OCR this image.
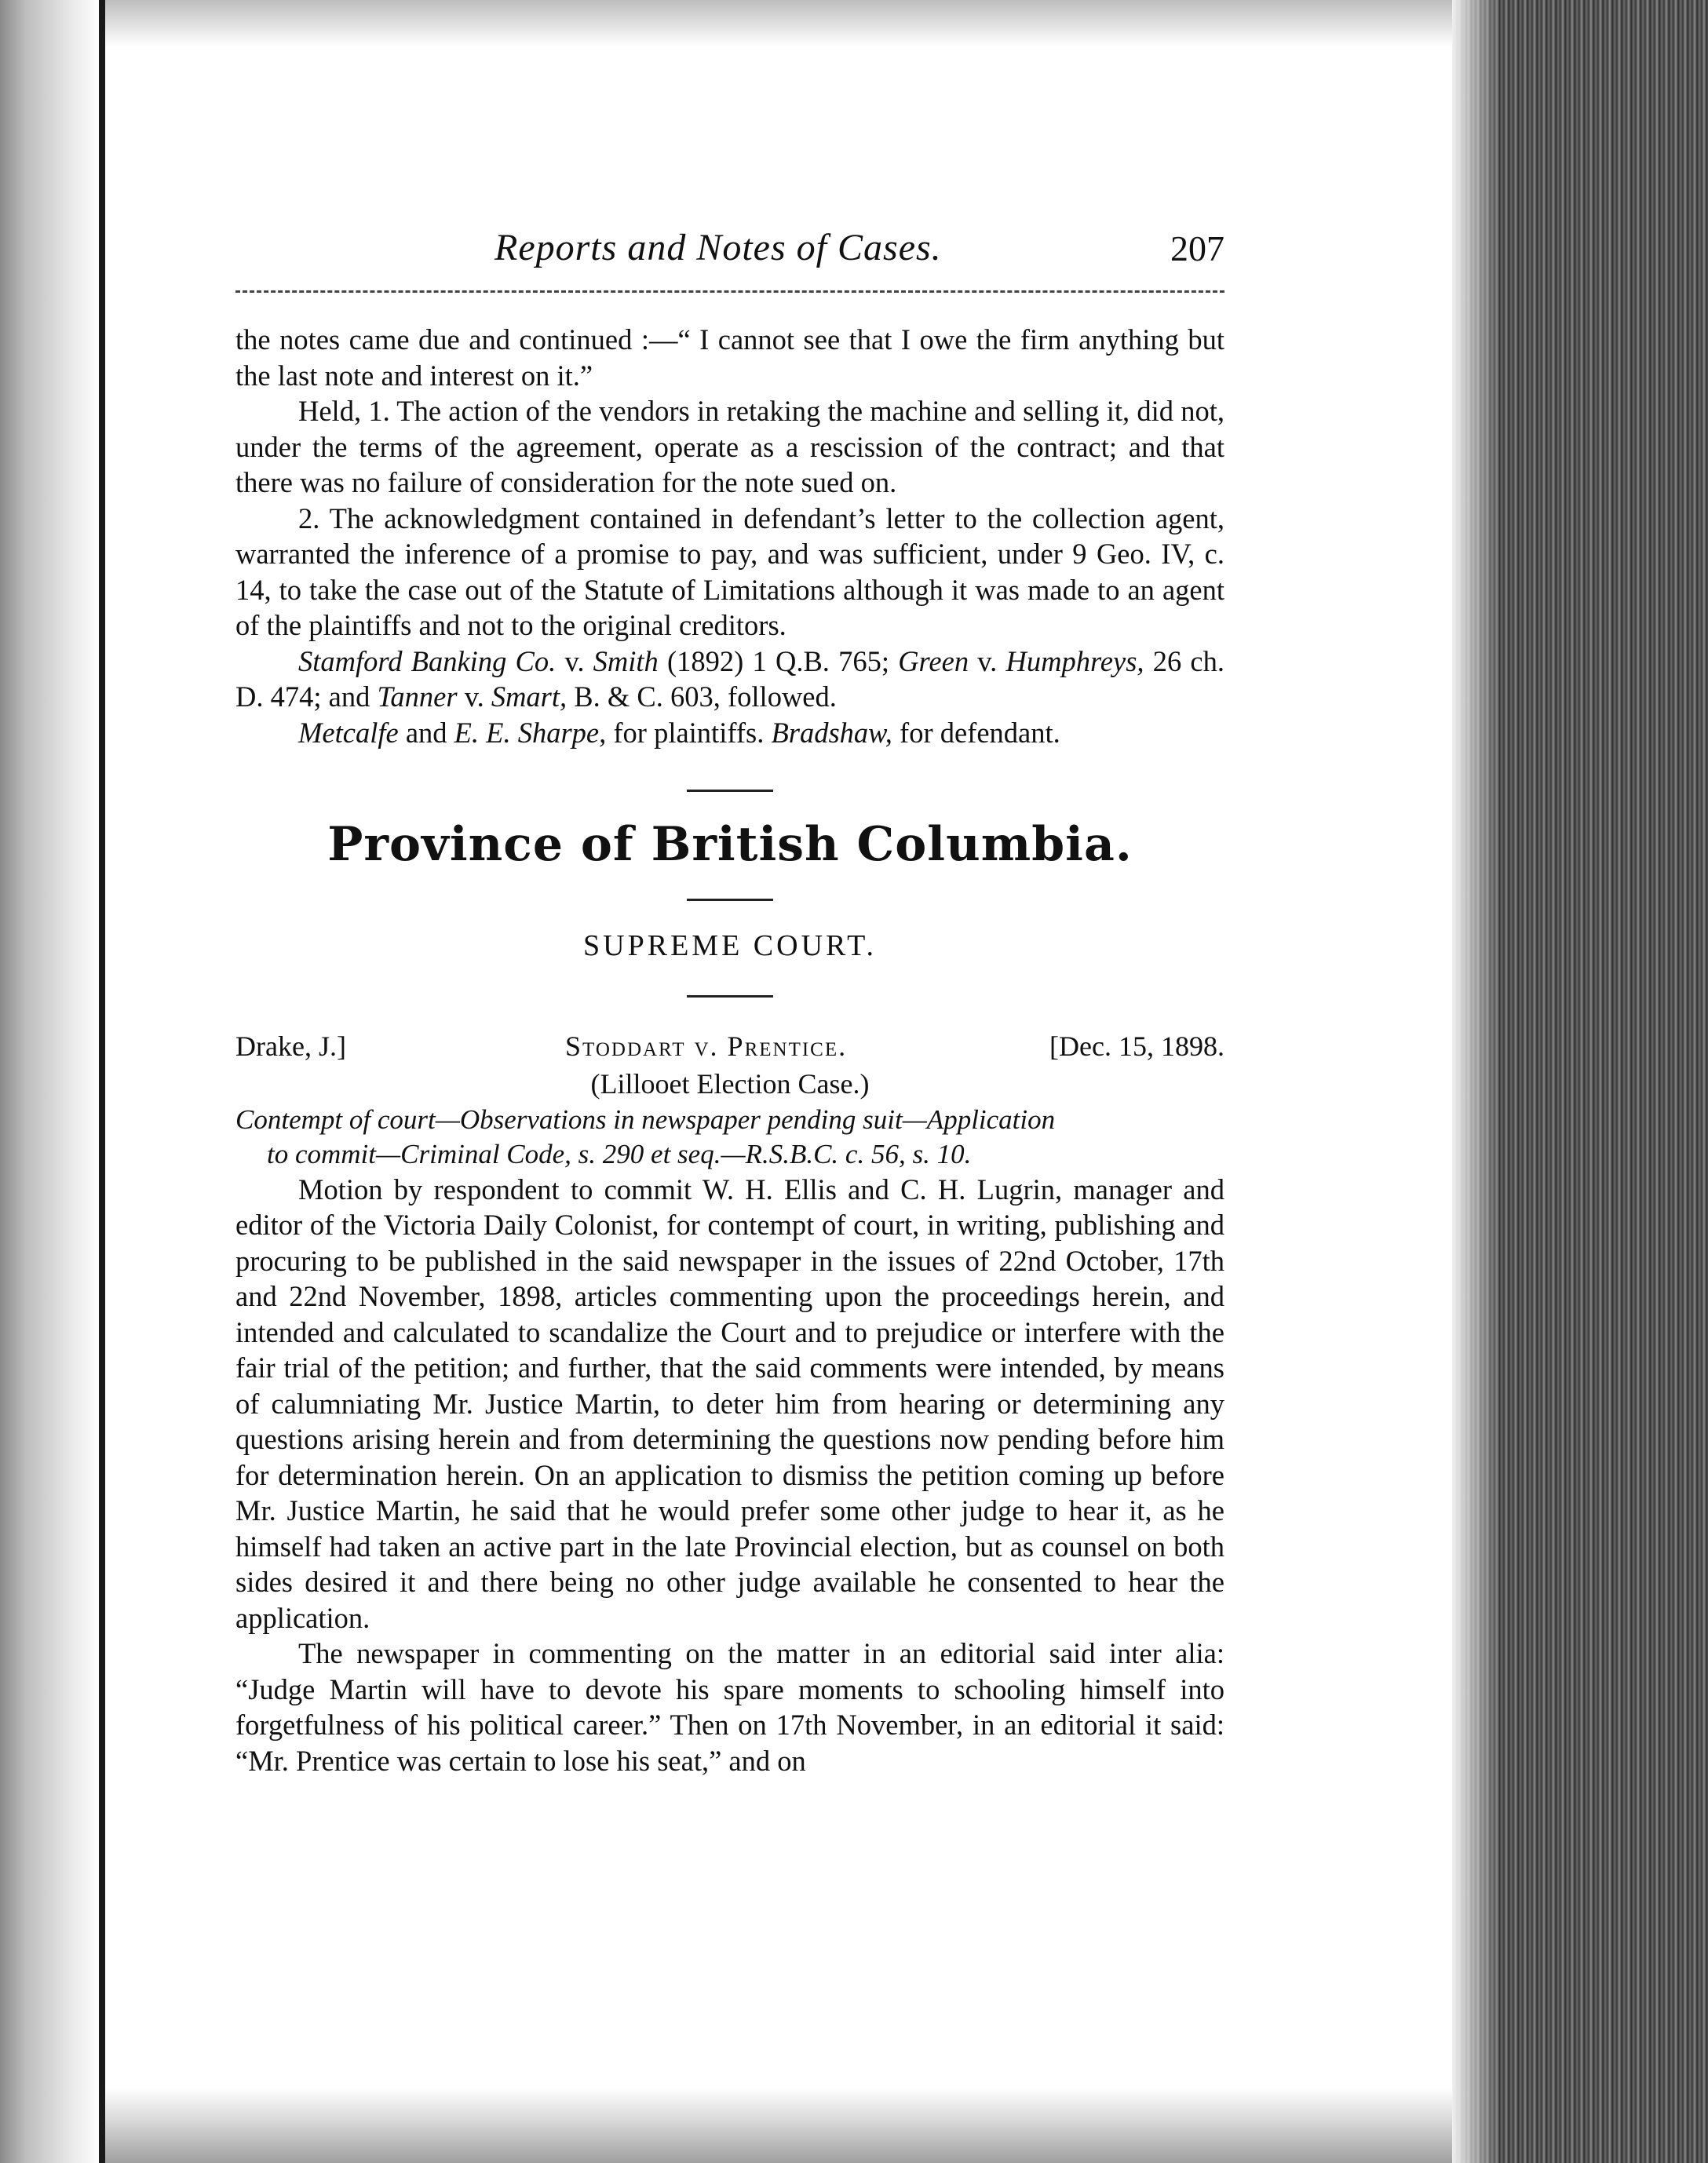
Reports and Notes of Cases.	207

the notes came due and continued :—“ I cannot see that I owe the firm anything but the last note and interest on it.”

Held, 1. The action of the vendors in retaking the machine and selling it, did not, under the terms of the agreement, operate as a rescission of the contract; and that there was no failure of consideration for the note sued on.

2. The acknowledgment contained in defendant’s letter to the collection agent, warranted the inference of a promise to pay, and was sufficient, under 9 Geo. IV, c. 14, to take the case out of the Statute of Limitations although it was made to an agent of the plaintiffs and not to the original creditors.

Stamford Banking Co. v. Smith (1892) 1 Q.B. 765; Green v. Humphreys, 26 ch. D. 474; and Tanner v. Smart, B. & C. 603, followed.

Metcalfe and E. E. Sharpe, for plaintiffs. Bradshaw, for defendant.

Province of British Columbia.
SUPREME COURT.
Drake, J.]	Stoddart v. Prentice.	[Dec. 15, 1898.
(Lillooet Election Case.)
Contempt of court—Observations in newspaper pending suit—Application
to commit—Criminal Code, s. 290 et seq.—R.S.B.C. c. 56, s. 10.

Motion by respondent to commit W. H. Ellis and C. H. Lugrin, manager and editor of the Victoria Daily Colonist, for contempt of court, in writing, publishing and procuring to be published in the said newspaper in the issues of 22nd October, 17th and 22nd November, 1898, articles commenting upon the proceedings herein, and intended and calculated to scandalize the Court and to prejudice or interfere with the fair trial of the petition; and further, that the said comments were intended, by means of calumniating Mr. Justice Martin, to deter him from hearing or determining any questions arising herein and from determining the questions now pending before him for determination herein. On an application to dismiss the petition coming up before Mr. Justice Martin, he said that he would prefer some other judge to hear it, as he himself had taken an active part in the late Provincial election, but as counsel on both sides desired it and there being no other judge available he consented to hear the application.

The newspaper in commenting on the matter in an editorial said inter alia: “Judge Martin will have to devote his spare moments to schooling himself into forgetfulness of his political career.” Then on 17th November, in an editorial it said: “Mr. Prentice was certain to lose his seat,” and on
